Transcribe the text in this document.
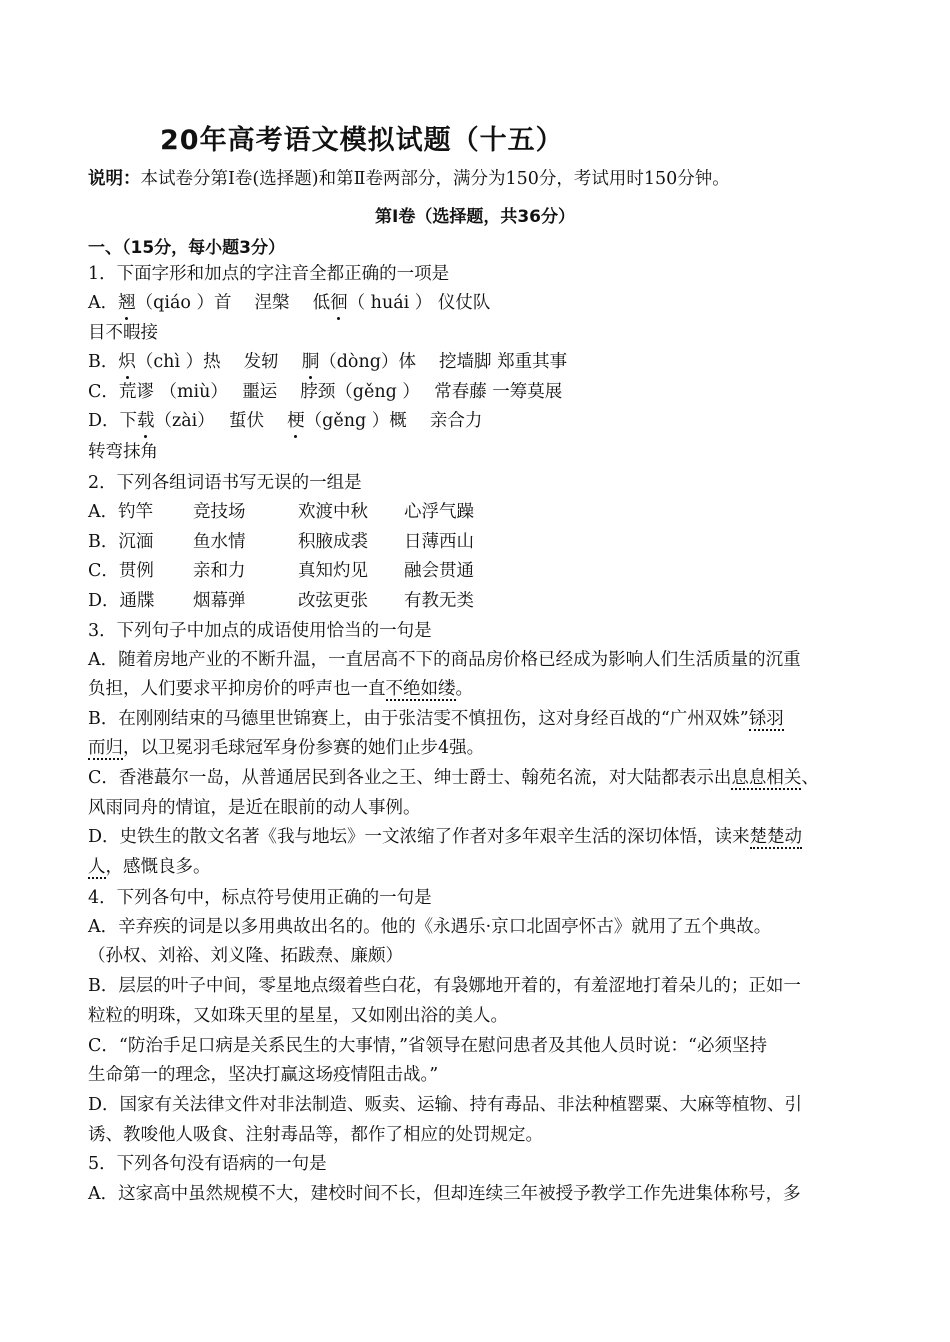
20年高考语文模拟试题（十五）
说明：本试卷分第Ⅰ卷(选择题)和第Ⅱ卷两部分，满分为150分，考试用时150分钟。
第Ⅰ卷（选择题，共36分）
一、（15分，每小题3分）
1．下面字形和加点的字注音全都正确的一项是
A．翘（qiáo ）首　 涅槃　 低徊（ huái ） 仪仗队
目不暇接
B．炽（chì ）热　 发轫　 胴（dòng）体　 挖墙脚 郑重其事
C．荒谬 （miù）　 噩运　 脖颈（gěng ）　 常春藤 一筹莫展
D．下载（zài）　 蜇伏　 梗（gěng ）概　 亲合力
转弯抹角
2．下列各组词语书写无误的一组是
A．钓竿 竞技场	欢渡中秋 心浮气躁
B．沉湎 鱼水情	积腋成裘 日薄西山
C．贯例 亲和力	真知灼见 融会贯通
D．通牒 烟幕弹	改弦更张 有教无类
3．下列句子中加点的成语使用恰当的一句是
A．随着房地产业的不断升温，一直居高不下的商品房价格已经成为影响人们生活质量的沉重
负担，人们要求平抑房价的呼声也一直不绝如缕。
B．在刚刚结束的马德里世锦赛上，由于张洁雯不慎扭伤，这对身经百战的“广州双姝”铩羽
而归，以卫冕羽毛球冠军身份参赛的她们止步4强。
C．香港蕞尔一岛，从普通居民到各业之王、绅士爵士、翰苑名流，对大陆都表示出息息相关、
风雨同舟的情谊，是近在眼前的动人事例。
D．史铁生的散文名著《我与地坛》一文浓缩了作者对多年艰辛生活的深切体悟，读来楚楚动
人，感慨良多。
4．下列各句中，标点符号使用正确的一句是
A．辛弃疾的词是以多用典故出名的。他的《永遇乐·京口北固亭怀古》就用了五个典故。
（孙权、刘裕、刘义隆、拓跋焘、廉颇）
B．层层的叶子中间，零星地点缀着些白花，有袅娜地开着的，有羞涩地打着朵儿的；正如一
粒粒的明珠，又如珠天里的星星，又如刚出浴的美人。
C．“防治手足口病是关系民生的大事情，”省领导在慰问患者及其他人员时说：“必须坚持
生命第一的理念，坚决打赢这场疫情阻击战。”
D．国家有关法律文件对非法制造、贩卖、运输、持有毒品、非法种植罂粟、大麻等植物、引
诱、教唆他人吸食、注射毒品等，都作了相应的处罚规定。
5．下列各句没有语病的一句是
A．这家高中虽然规模不大，建校时间不长，但却连续三年被授予教学工作先进集体称号，多
